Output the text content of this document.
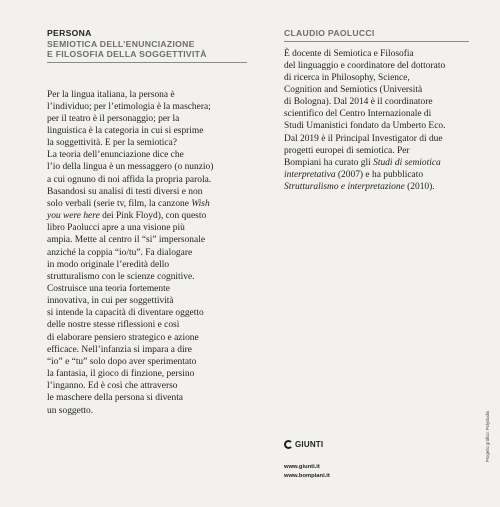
PERSONA
SEMIOTICA DELL’ENUNCIAZIONE
E FILOSOFIA DELLA SOGGETTIVITÀ
Per la lingua italiana, la persona è
l’individuo; per l’etimologia è la maschera;
per il teatro è il personaggio; per la
linguistica è la categoria in cui si esprime
la soggettività. E per la semiotica?
La teoria dell’enunciazione dice che
l’io della lingua è un messaggero (o nunzio)
a cui ognuno di noi affida la propria parola.
Basandosi su analisi di testi diversi e non
solo verbali (serie tv, film, la canzone Wish
you were here dei Pink Floyd), con questo
libro Paolucci apre a una visione più
ampia. Mette al centro il “si” impersonale
anziché la coppia “io/tu”. Fa dialogare
in modo originale l’eredità dello
strutturalismo con le scienze cognitive.
Costruisce una teoria fortemente
innovativa, in cui per soggettività
si intende la capacità di diventare oggetto
delle nostre stesse riflessioni e così
di elaborare pensiero strategico e azione
efficace. Nell’infanzia si impara a dire
“io” e “tu” solo dopo aver sperimentato
la fantasia, il gioco di finzione, persino
l’inganno. Ed è così che attraverso
le maschere della persona si diventa
un soggetto.
CLAUDIO PAOLUCCI
È docente di Semiotica e Filosofia
del linguaggio e coordinatore del dottorato
di ricerca in Philosophy, Science,
Cognition and Semiotics (Università
di Bologna). Dal 2014 è il coordinatore
scientifico del Centro Internazionale di
Studi Umanistici fondato da Umberto Eco.
Dal 2019 è il Principal Investigator di due
progetti europei di semiotica. Per
Bompiani ha curato gli Studi di semiotica
interpretativa (2007) e ha pubblicato
Strutturalismo e interpretazione (2010).
GIUNTI
www.giunti.it
www.bompiani.it
Progetto grafico: Polystudio
